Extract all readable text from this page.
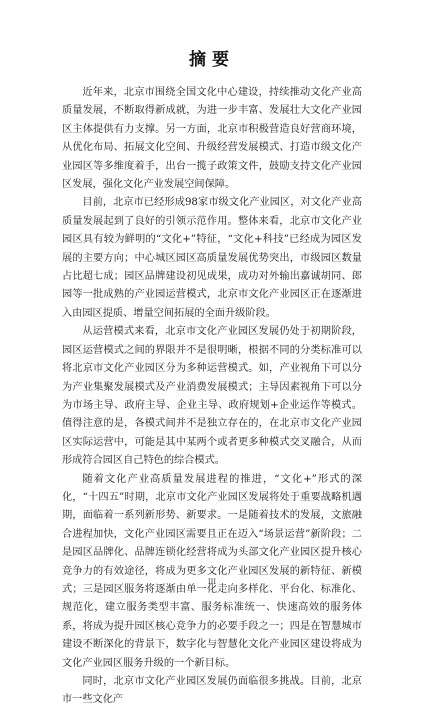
摘要

近年来，北京市围绕全国文化中心建设，持续推动文化产业高质量发展，不断取得新成就，为进一步丰富、发展壮大文化产业园区主体提供有力支撑。另一方面，北京市积极营造良好营商环境，从优化布局、拓展文化空间、升级经营发展模式、打造市级文化产业园区等多维度着手，出台一揽子政策文件，鼓励支持文化产业园区发展，强化文化产业发展空间保障。

目前，北京市已经形成98家市级文化产业园区，对文化产业高质量发展起到了良好的引领示范作用。整体来看，北京市文化产业园区具有较为鲜明的“文化+”特征，“文化+科技”已经成为园区发展的主要方向；中心城区园区高质量发展优势突出，市级园区数量占比超七成；园区品牌建设初见成果，成功对外输出嘉诚胡同、郎园等一批成熟的产业园运营模式，北京市文化产业园区正在逐渐进入由园区提质、增量空间拓展的全面升级阶段。

从运营模式来看，北京市文化产业园区发展仍处于初期阶段，园区运营模式之间的界限并不是很明晰，根据不同的分类标准可以将北京市文化产业园区分为多种运营模式。如，产业视角下可以分为产业集聚发展模式及产业消费发展模式；主导因素视角下可以分为市场主导、政府主导、企业主导、政府规划+企业运作等模式。值得注意的是，各模式间并不是独立存在的，在北京市文化产业园区实际运营中，可能是其中某两个或者更多种模式交叉融合，从而形成符合园区自己特色的综合模式。

随着文化产业高质量发展进程的推进，“文化+”形式的深化，“十四五”时期，北京市文化产业园区发展将处于重要战略机遇期，面临着一系列新形势、新要求。一是随着技术的发展，文旅融合进程加快，文化产业园区需要且正在迈入“场景运营”新阶段；二是园区品牌化、品牌连锁化经营将成为头部文化产业园区提升核心竞争力的有效途径，将成为更多文化产业园区发展的新特征、新模式；三是园区服务将逐渐由单一化走向多样化、平台化、标准化、规范化，建立服务类型丰富、服务标准统一、快速高效的服务体系，将成为提升园区核心竞争力的必要手段之一；四是在智慧城市建设不断深化的背景下，数字化与智慧化文化产业园区建设将成为文化产业园区服务升级的一个新目标。

同时，北京市文化产业园区发展仍面临很多挑战。目前，北京市一些文化产

III
